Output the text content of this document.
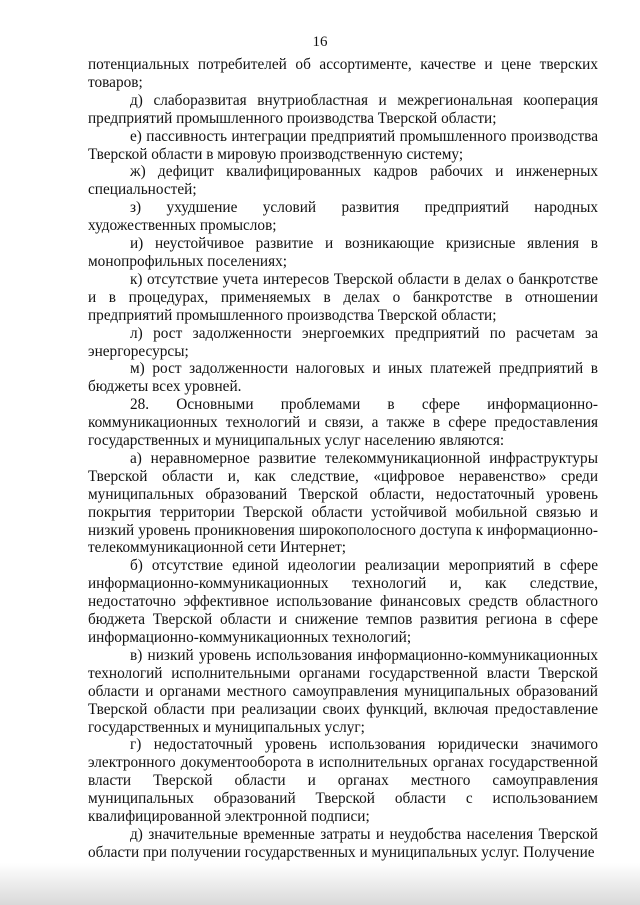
16

потенциальных потребителей об ассортименте, качестве и цене тверских товаров;

д) слаборазвитая внутриобластная и межрегиональная кооперация предприятий промышленного производства Тверской области;

е) пассивность интеграции предприятий промышленного производства Тверской области в мировую производственную систему;

ж) дефицит квалифицированных кадров рабочих и инженерных специальностей;

з) ухудшение условий развития предприятий народных художественных промыслов;

и) неустойчивое развитие и возникающие кризисные явления в монопрофильных поселениях;

к) отсутствие учета интересов Тверской области в делах о банкротстве и в процедурах, применяемых в делах о банкротстве в отношении предприятий промышленного производства Тверской области;

л) рост задолженности энергоемких предприятий по расчетам за энергоресурсы;

м) рост задолженности налоговых и иных платежей предприятий в бюджеты всех уровней.

28. Основными проблемами в сфере информационно-коммуникационных технологий и связи, а также в сфере предоставления государственных и муниципальных услуг населению являются:

а) неравномерное развитие телекоммуникационной инфраструктуры Тверской области и, как следствие, «цифровое неравенство» среди муниципальных образований Тверской области, недостаточный уровень покрытия территории Тверской области устойчивой мобильной связью и низкий уровень проникновения широкополосного доступа к информационно-телекоммуникационной сети Интернет;

б) отсутствие единой идеологии реализации мероприятий в сфере информационно-коммуникационных технологий и, как следствие, недостаточно эффективное использование финансовых средств областного бюджета Тверской области и снижение темпов развития региона в сфере информационно-коммуникационных технологий;

в) низкий уровень использования информационно-коммуникационных технологий исполнительными органами государственной власти Тверской области и органами местного самоуправления муниципальных образований Тверской области при реализации своих функций, включая предоставление государственных и муниципальных услуг;

г) недостаточный уровень использования юридически значимого электронного документооборота в исполнительных органах государственной власти Тверской области и органах местного самоуправления муниципальных образований Тверской области с использованием квалифицированной электронной подписи;

д) значительные временные затраты и неудобства населения Тверской области при получении государственных и муниципальных услуг. Получение
